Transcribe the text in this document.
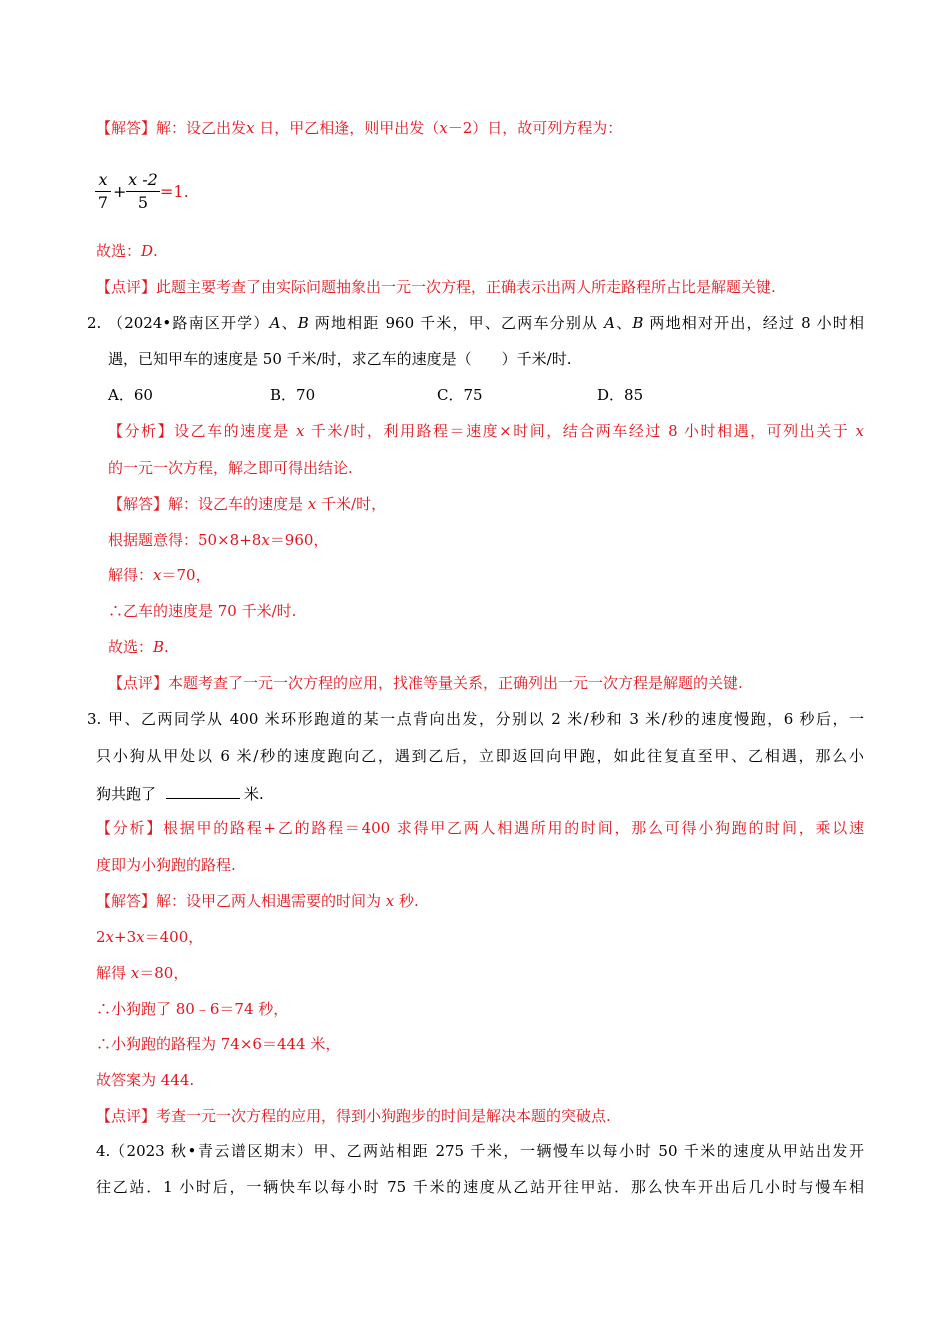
【解答】解：设乙出发x 日，甲乙相逢，则甲出发（x－2）日，故可列方程为：
x
7
+
x -2
5
=1.
故选：D.
【点评】此题主要考查了由实际问题抽象出一元一次方程，正确表示出两人所走路程所占比是解题关键.
2. （2024•路南区开学）A、B 两地相距 960 千米，甲、乙两车分别从 A、B 两地相对开出，经过 8 小时相
遇，已知甲车的速度是 50 千米/时，求乙车的速度是（　　）千米/时.
A．60	B．70	C．75	D．85
【分析】设乙车的速度是 x 千米/时，利用路程＝速度×时间，结合两车经过 8 小时相遇，可列出关于 x
的一元一次方程，解之即可得出结论.
【解答】解：设乙车的速度是 x 千米/时，
根据题意得：50×8+8x＝960，
解得：x＝70，
∴乙车的速度是 70 千米/时.
故选：B.
【点评】本题考查了一元一次方程的应用，找准等量关系，正确列出一元一次方程是解题的关键.
3. 甲、乙两同学从 400 米环形跑道的某一点背向出发，分别以 2 米/秒和 3 米/秒的速度慢跑，6 秒后，一
只小狗从甲处以 6 米/秒的速度跑向乙，遇到乙后，立即返回向甲跑，如此往复直至甲、乙相遇，那么小
狗共跑了	米.
【分析】根据甲的路程+乙的路程＝400 求得甲乙两人相遇所用的时间，那么可得小狗跑的时间，乘以速
度即为小狗跑的路程.
【解答】解：设甲乙两人相遇需要的时间为 x 秒.
2x+3x＝400，
解得 x＝80，
∴小狗跑了 80﹣6＝74 秒，
∴小狗跑的路程为 74×6＝444 米，
故答案为 444.
【点评】考查一元一次方程的应用，得到小狗跑步的时间是解决本题的突破点.
4. （2023 秋•青云谱区期末）甲、乙两站相距 275 千米，一辆慢车以每小时 50 千米的速度从甲站出发开
往乙站．1 小时后，一辆快车以每小时 75 千米的速度从乙站开往甲站．那么快车开出后几小时与慢车相
